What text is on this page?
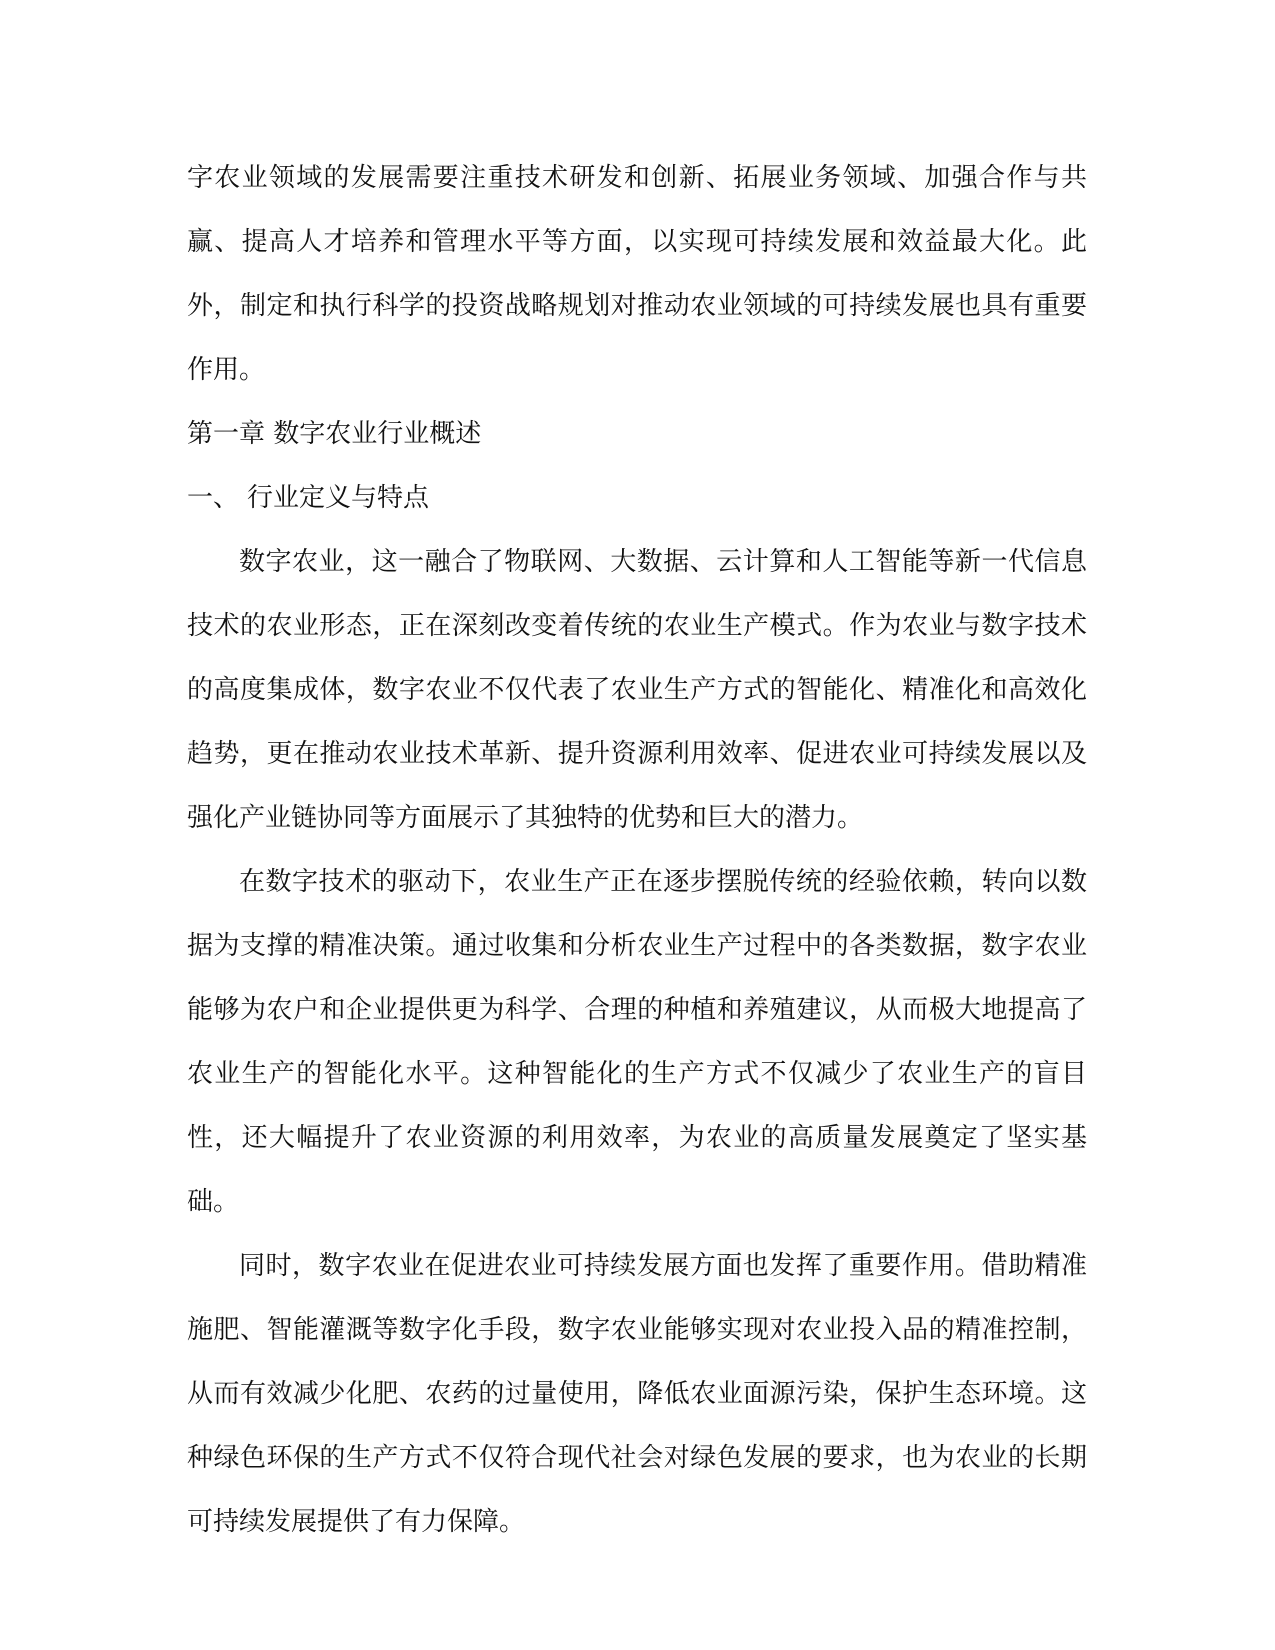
字农业领域的发展需要注重技术研发和创新、拓展业务领域、加强合作与共赢、提高人才培养和管理水平等方面，以实现可持续发展和效益最大化。此外，制定和执行科学的投资战略规划对推动农业领域的可持续发展也具有重要作用。

第一章 数字农业行业概述

一、 行业定义与特点

数字农业，这一融合了物联网、大数据、云计算和人工智能等新一代信息技术的农业形态，正在深刻改变着传统的农业生产模式。作为农业与数字技术的高度集成体，数字农业不仅代表了农业生产方式的智能化、精准化和高效化趋势，更在推动农业技术革新、提升资源利用效率、促进农业可持续发展以及强化产业链协同等方面展示了其独特的优势和巨大的潜力。

在数字技术的驱动下，农业生产正在逐步摆脱传统的经验依赖，转向以数据为支撑的精准决策。通过收集和分析农业生产过程中的各类数据，数字农业能够为农户和企业提供更为科学、合理的种植和养殖建议，从而极大地提高了农业生产的智能化水平。这种智能化的生产方式不仅减少了农业生产的盲目性，还大幅提升了农业资源的利用效率，为农业的高质量发展奠定了坚实基础。

同时，数字农业在促进农业可持续发展方面也发挥了重要作用。借助精准施肥、智能灌溉等数字化手段，数字农业能够实现对农业投入品的精准控制，从而有效减少化肥、农药的过量使用，降低农业面源污染，保护生态环境。这种绿色环保的生产方式不仅符合现代社会对绿色发展的要求，也为农业的长期可持续发展提供了有力保障。
